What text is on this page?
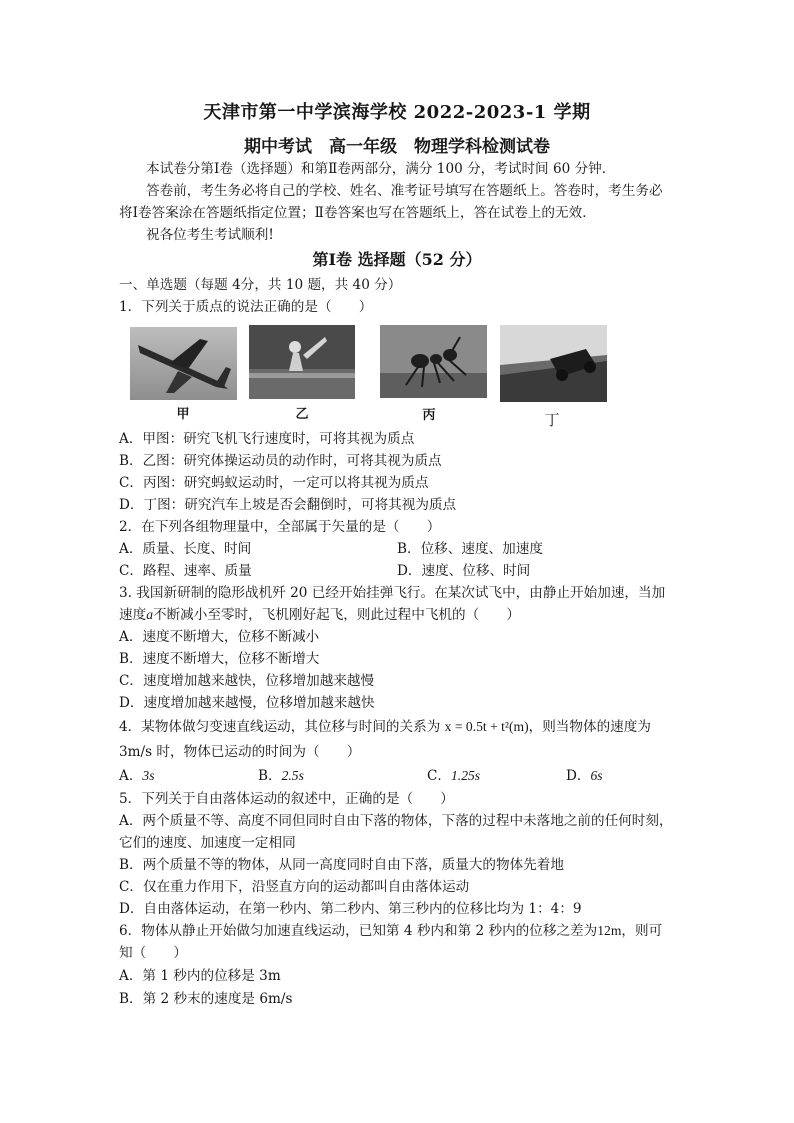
天津市第一中学滨海学校 2022-2023-1 学期
期中考试　高一年级　物理学科检测试卷
本试卷分第Ⅰ卷（选择题）和第Ⅱ卷两部分，满分 100 分，考试时间 60 分钟．
答卷前，考生务必将自己的学校、姓名、准考证号填写在答题纸上。答卷时，考生务必
将Ⅰ卷答案涂在答题纸指定位置；Ⅱ卷答案也写在答题纸上，答在试卷上的无效．
祝各位考生考试顺利!
第Ⅰ卷 选择题（52 分）
一、单选题（每题 4分，共 10 题，共 40 分）
1．下列关于质点的说法正确的是（　　）
甲	乙	丙	丁
A．甲图：研究飞机飞行速度时，可将其视为质点
B．乙图：研究体操运动员的动作时，可将其视为质点
C．丙图：研究蚂蚁运动时，一定可以将其视为质点
D．丁图：研究汽车上坡是否会翻倒时，可将其视为质点
2．在下列各组物理量中，全部属于矢量的是（　　）
A．质量、长度、时间	B．位移、速度、加速度
C．路程、速率、质量	D．速度、位移、时间
3. 我国新研制的隐形战机歼 20 已经开始挂弹飞行。在某次试飞中，由静止开始加速，当加
速度a不断减小至零时，飞机刚好起飞，则此过程中飞机的（　　）
A．速度不断增大，位移不断减小
B．速度不断增大，位移不断增大
C．速度增加越来越快，位移增加越来越慢
D．速度增加越来越慢，位移增加越来越快
4．某物体做匀变速直线运动，其位移与时间的关系为 x = 0.5t + t²(m)，则当物体的速度为
3m/s 时，物体已运动的时间为（　　）
A．3s	B．2.5s	C．1.25s	D．6s
5．下列关于自由落体运动的叙述中，正确的是（　　）
A．两个质量不等、高度不同但同时自由下落的物体，下落的过程中未落地之前的任何时刻，
它们的速度、加速度一定相同
B．两个质量不等的物体，从同一高度同时自由下落，质量大的物体先着地
C．仅在重力作用下，沿竖直方向的运动都叫自由落体运动
D．自由落体运动，在第一秒内、第二秒内、第三秒内的位移比均为 1：4：9
6．物体从静止开始做匀加速直线运动，已知第 4 秒内和第 2 秒内的位移之差为12m，则可
知（　　）
A．第 1 秒内的位移是 3m
B．第 2 秒末的速度是 6m/s
